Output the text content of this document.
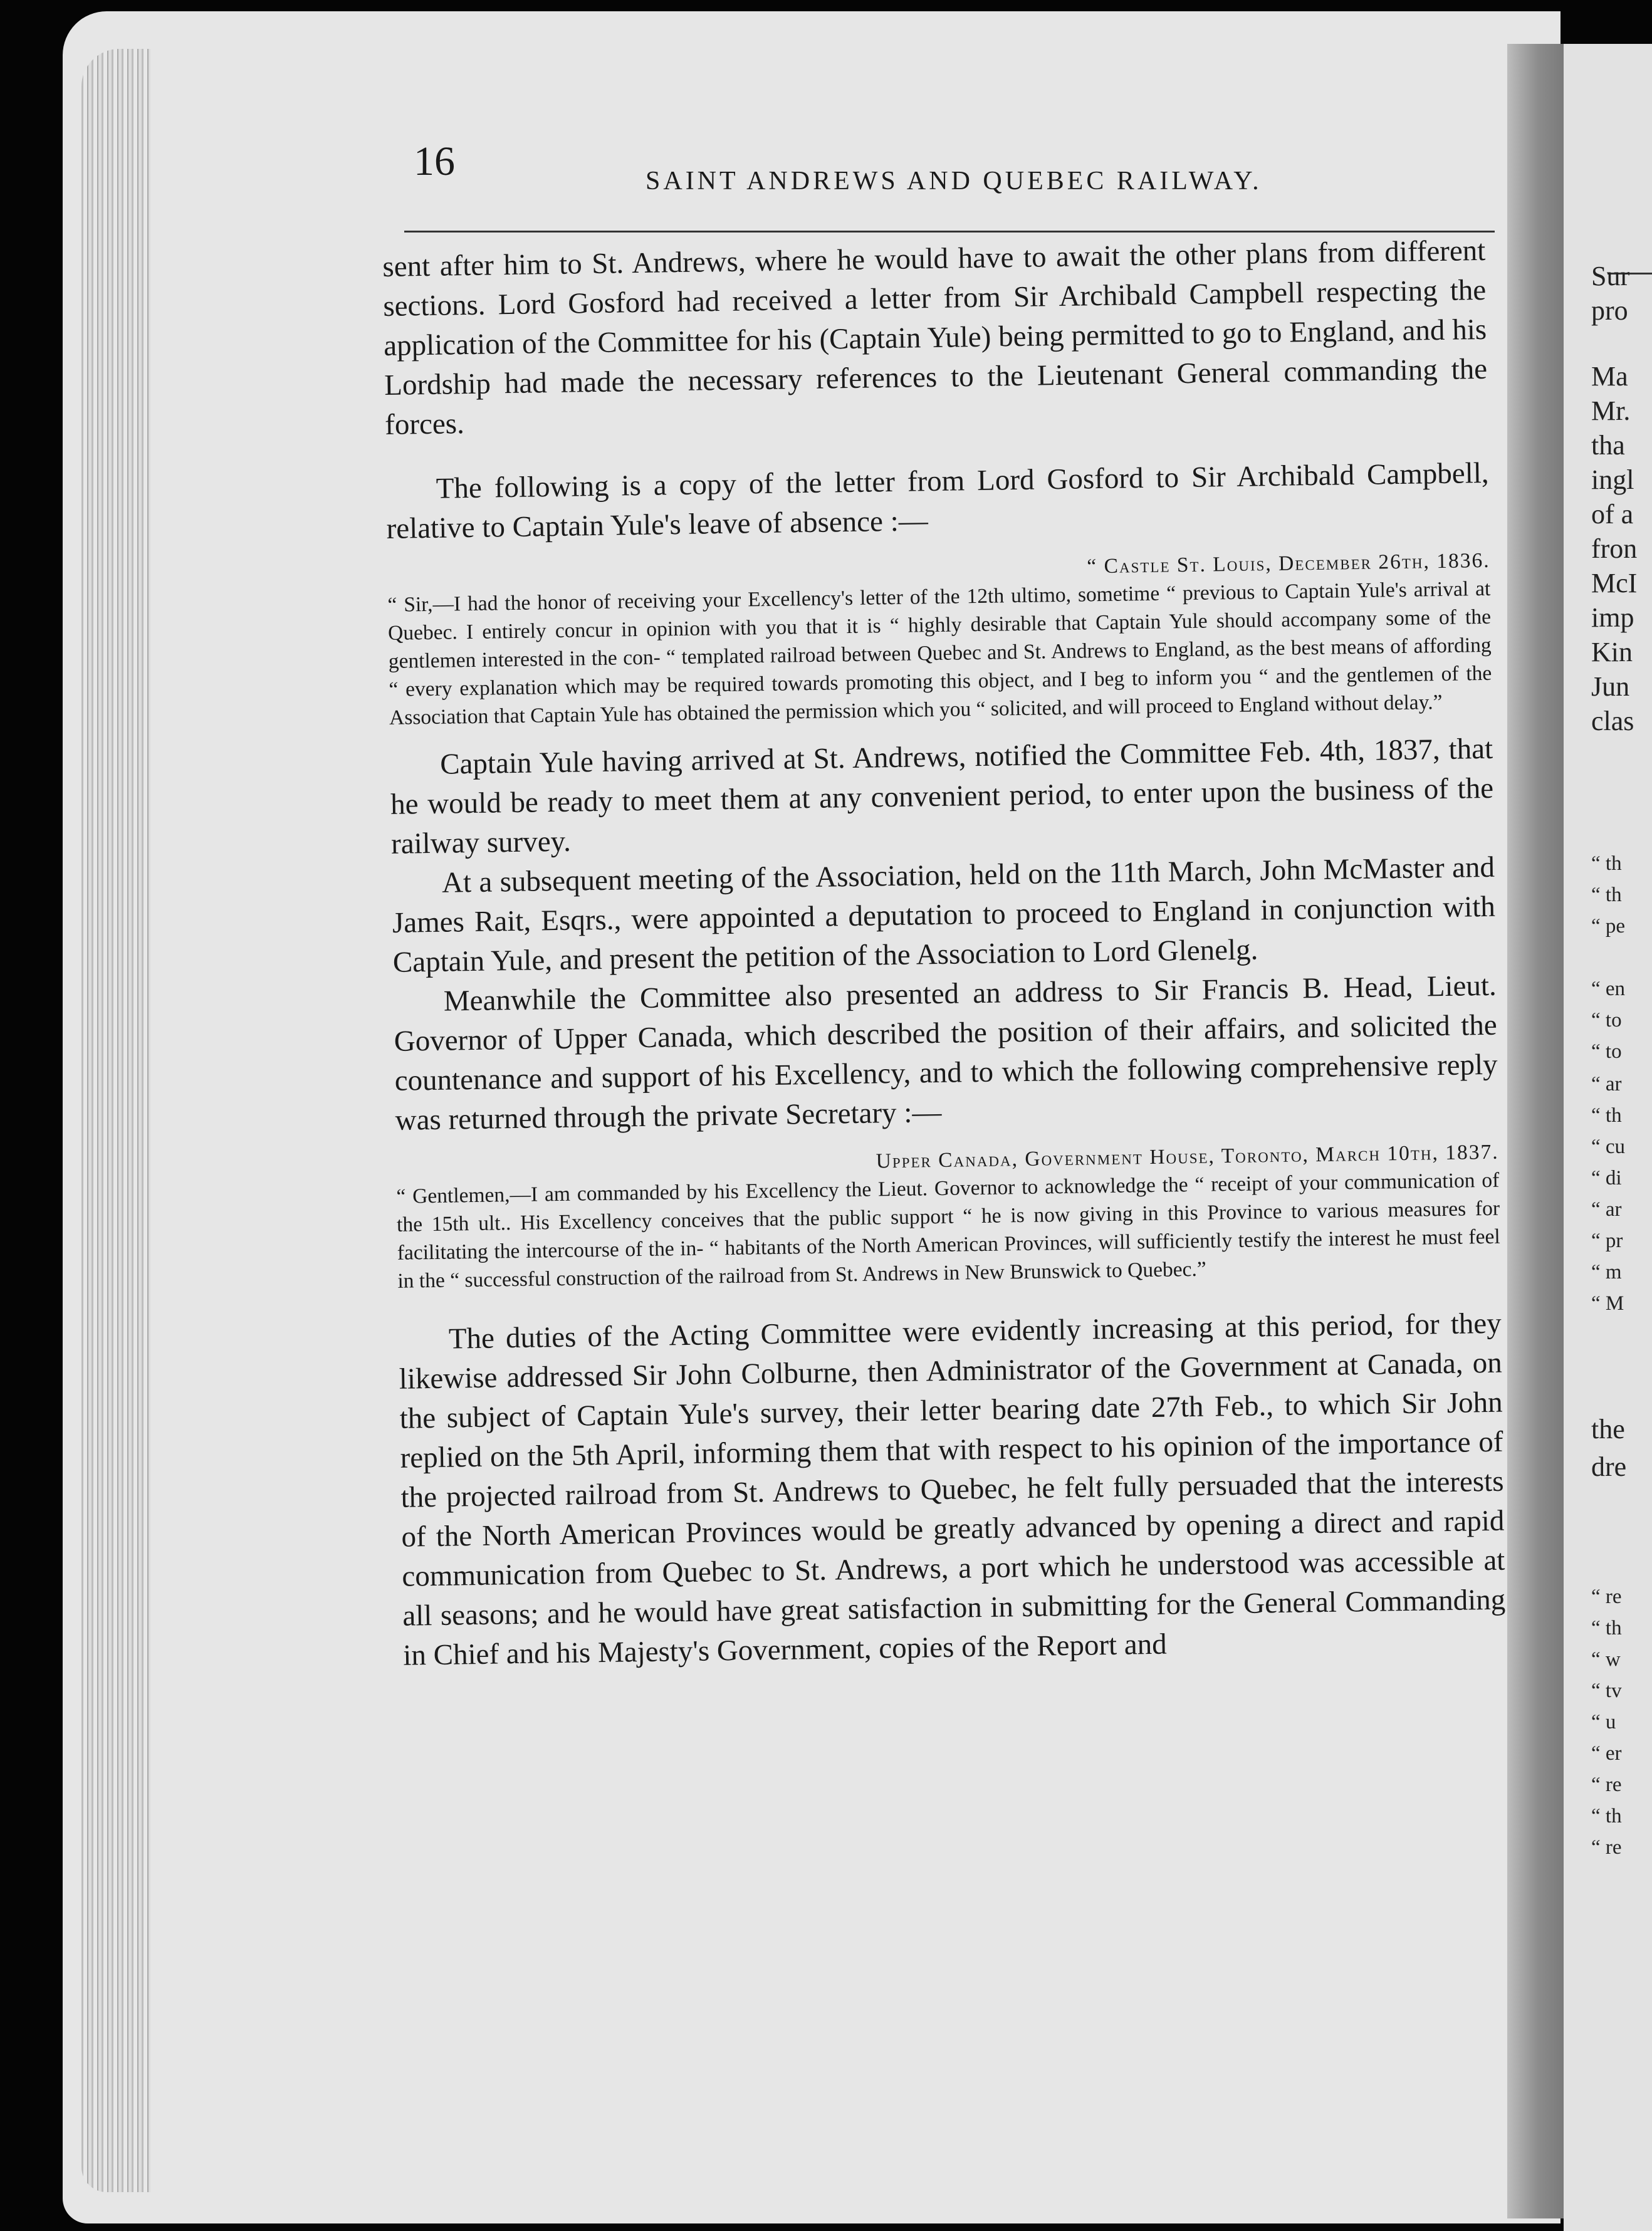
16	SAINT ANDREWS AND QUEBEC RAILWAY.

sent after him to St. Andrews, where he would have to await the other plans from different sections. Lord Gosford had received a letter from Sir Archibald Campbell respecting the application of the Committee for his (Captain Yule) being permitted to go to England, and his Lordship had made the necessary references to the Lieutenant General commanding the forces.

The following is a copy of the letter from Lord Gosford to Sir Archibald Campbell, relative to Captain Yule's leave of absence :—

“ Castle St. Louis, December 26th, 1836.

“ Sir,—I had the honor of receiving your Excellency's letter of the 12th ultimo, sometime “ previous to Captain Yule's arrival at Quebec. I entirely concur in opinion with you that it is “ highly desirable that Captain Yule should accompany some of the gentlemen interested in the con- “ templated railroad between Quebec and St. Andrews to England, as the best means of affording “ every explanation which may be required towards promoting this object, and I beg to inform you “ and the gentlemen of the Association that Captain Yule has obtained the permission which you “ solicited, and will proceed to England without delay.”

Captain Yule having arrived at St. Andrews, notified the Committee Feb. 4th, 1837, that he would be ready to meet them at any convenient period, to enter upon the business of the railway survey.

At a subsequent meeting of the Association, held on the 11th March, John McMaster and James Rait, Esqrs., were appointed a deputation to proceed to England in conjunction with Captain Yule, and present the petition of the Association to Lord Glenelg.

Meanwhile the Committee also presented an address to Sir Francis B. Head, Lieut. Governor of Upper Canada, which described the position of their affairs, and solicited the countenance and support of his Excellency, and to which the following comprehensive reply was returned through the private Secretary :—

Upper Canada, Government House, Toronto, March 10th, 1837.

“ Gentlemen,—I am commanded by his Excellency the Lieut. Governor to acknowledge the “ receipt of your communication of the 15th ult.. His Excellency conceives that the public support “ he is now giving in this Province to various measures for facilitating the intercourse of the in- “ habitants of the North American Provinces, will sufficiently testify the interest he must feel in the “ successful construction of the railroad from St. Andrews in New Brunswick to Quebec.”

The duties of the Acting Committee were evidently increasing at this period, for they likewise addressed Sir John Colburne, then Administrator of the Government at Canada, on the subject of Captain Yule's survey, their letter bearing date 27th Feb., to which Sir John replied on the 5th April, informing them that with respect to his opinion of the importance of the projected railroad from St. Andrews to Quebec, he felt fully persuaded that the interests of the North American Provinces would be greatly advanced by opening a direct and rapid communication from Quebec to St. Andrews, a port which he understood was accessible at all seasons; and he would have great satisfaction in submitting for the General Commanding in Chief and his Majesty's Government, copies of the Report and

Sur
pro
Ma
Mr.
tha
ingl
of a
fron
McI
imp
Kin
Jun
clas
“ th
“ th
“ pe
“ en
“ to
“ to
“ ar
“ th
“ cu
“ di
“ ar
“ pr
“ m
“ M
the
dre
“ re
“ th
“ w
“ tv
“ u
“ er
“ re
“ th
“ re
